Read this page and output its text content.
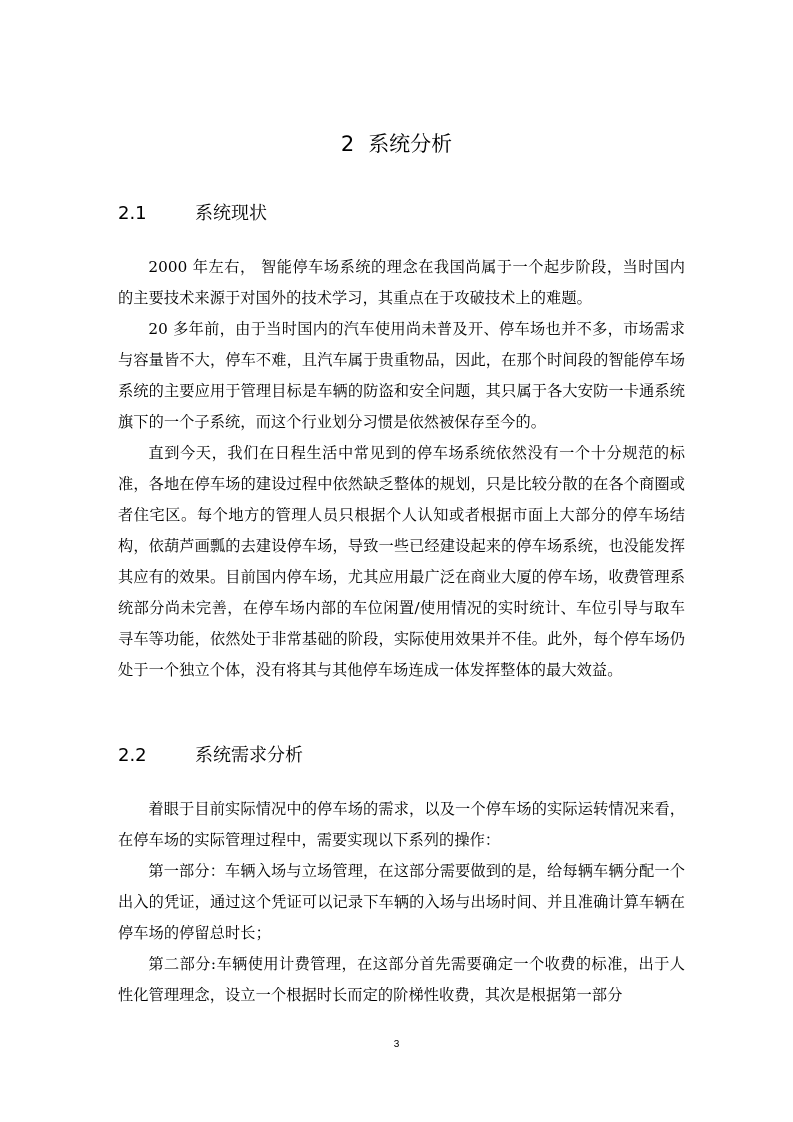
2 系统分析
2.1	系统现状

2000 年左右， 智能停车场系统的理念在我国尚属于一个起步阶段，当时国内的主要技术来源于对国外的技术学习，其重点在于攻破技术上的难题。

20 多年前，由于当时国内的汽车使用尚未普及开、停车场也并不多，市场需求与容量皆不大，停车不难，且汽车属于贵重物品，因此，在那个时间段的智能停车场系统的主要应用于管理目标是车辆的防盗和安全问题，其只属于各大安防一卡通系统旗下的一个子系统，而这个行业划分习惯是依然被保存至今的。

直到今天，我们在日程生活中常见到的停车场系统依然没有一个十分规范的标准，各地在停车场的建设过程中依然缺乏整体的规划，只是比较分散的在各个商圈或者住宅区。每个地方的管理人员只根据个人认知或者根据市面上大部分的停车场结构，依葫芦画瓢的去建设停车场，导致一些已经建设起来的停车场系统，也没能发挥其应有的效果。目前国内停车场，尤其应用最广泛在商业大厦的停车场，收费管理系统部分尚未完善，在停车场内部的车位闲置/使用情况的实时统计、车位引导与取车寻车等功能，依然处于非常基础的阶段，实际使用效果并不佳。此外，每个停车场仍处于一个独立个体，没有将其与其他停车场连成一体发挥整体的最大效益。

2.2	系统需求分析

着眼于目前实际情况中的停车场的需求，以及一个停车场的实际运转情况来看，在停车场的实际管理过程中，需要实现以下系列的操作：

第一部分：车辆入场与立场管理，在这部分需要做到的是，给每辆车辆分配一个出入的凭证，通过这个凭证可以记录下车辆的入场与出场时间、并且准确计算车辆在停车场的停留总时长；

第二部分:车辆使用计费管理，在这部分首先需要确定一个收费的标准，出于人性化管理理念，设立一个根据时长而定的阶梯性收费，其次是根据第一部分

3
